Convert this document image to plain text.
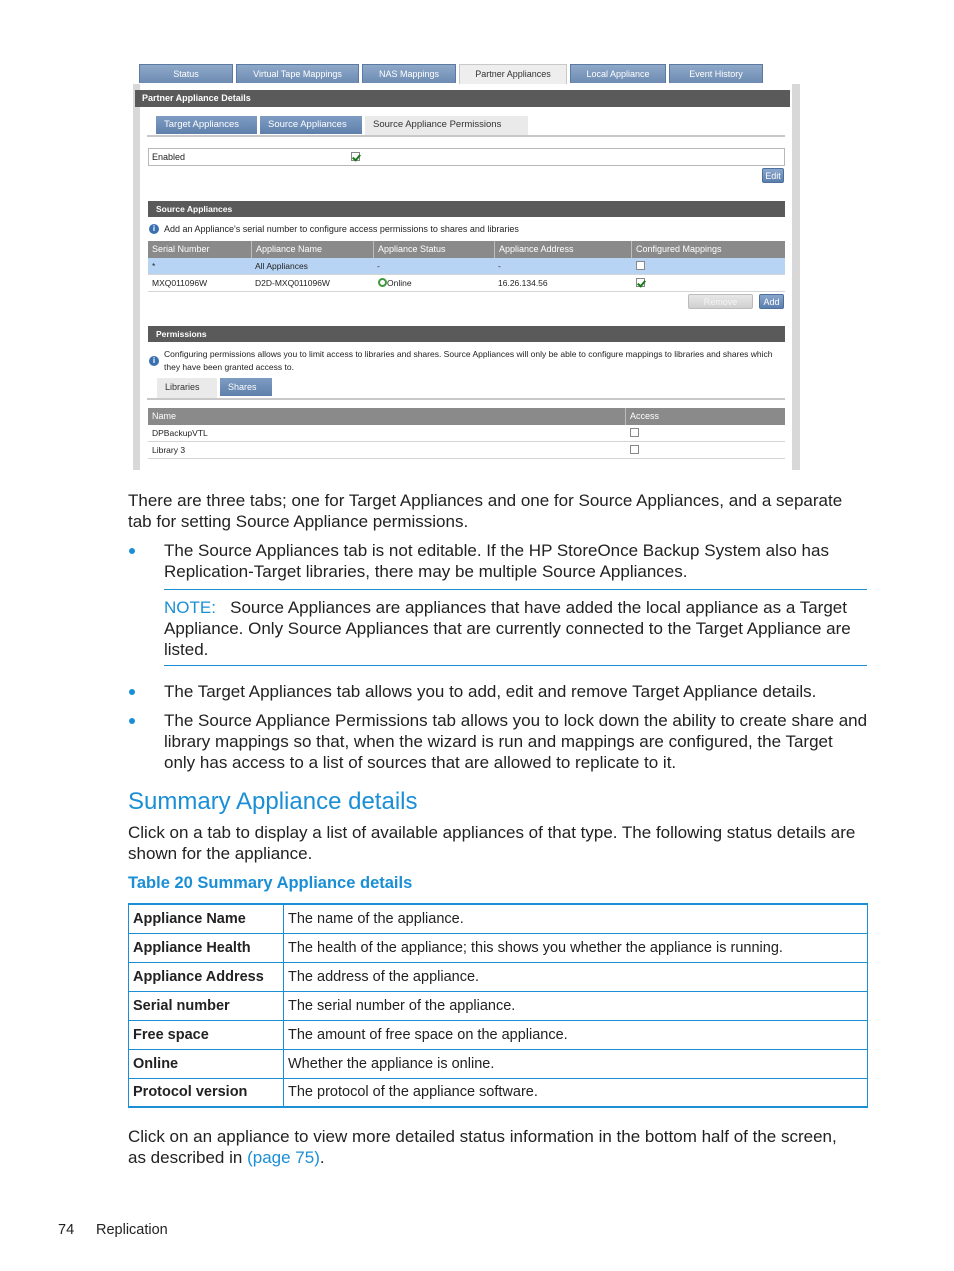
Status	Virtual Tape Mappings	NAS Mappings	Partner Appliances	Local Appliance	Event History
Partner Appliance Details
Target Appliances	Source Appliances	Source Appliance Permissions
Enabled
Edit
Source Appliances
i Add an Appliance's serial number to configure access permissions to shares and libraries
Serial Number	Appliance Name	Appliance Status	Appliance Address	Configured Mappings
*	All Appliances	-	-
MXQ011096W	D2D-MXQ011096W	Online	16.26.134.56
Remove	Add
Permissions
i
Configuring permissions allows you to limit access to libraries and shares. Source Appliances will only be able to configure mappings to libraries and shares which they have been granted access to.
Libraries	Shares
Name	Access
DPBackupVTL
Library 3
There are three tabs; one for Target Appliances and one for Source Appliances, and a separate tab for setting Source Appliance permissions.
The Source Appliances tab is not editable. If the HP StoreOnce Backup System also has Replication-Target libraries, there may be multiple Source Appliances.
NOTE: Source Appliances are appliances that have added the local appliance as a Target Appliance. Only Source Appliances that are currently connected to the Target Appliance are listed.
The Target Appliances tab allows you to add, edit and remove Target Appliance details.
The Source Appliance Permissions tab allows you to lock down the ability to create share and library mappings so that, when the wizard is run and mappings are configured, the Target only has access to a list of sources that are allowed to replicate to it.
Summary Appliance details
Click on a tab to display a list of available appliances of that type. The following status details are shown for the appliance.
Table 20 Summary Appliance details
Appliance Name	The name of the appliance.
Appliance Health	The health of the appliance; this shows you whether the appliance is running.
Appliance Address	The address of the appliance.
Serial number	The serial number of the appliance.
Free space	The amount of free space on the appliance.
Online	Whether the appliance is online.
Protocol version	The protocol of the appliance software.
Click on an appliance to view more detailed status information in the bottom half of the screen, as described in (page 75).
74 Replication
